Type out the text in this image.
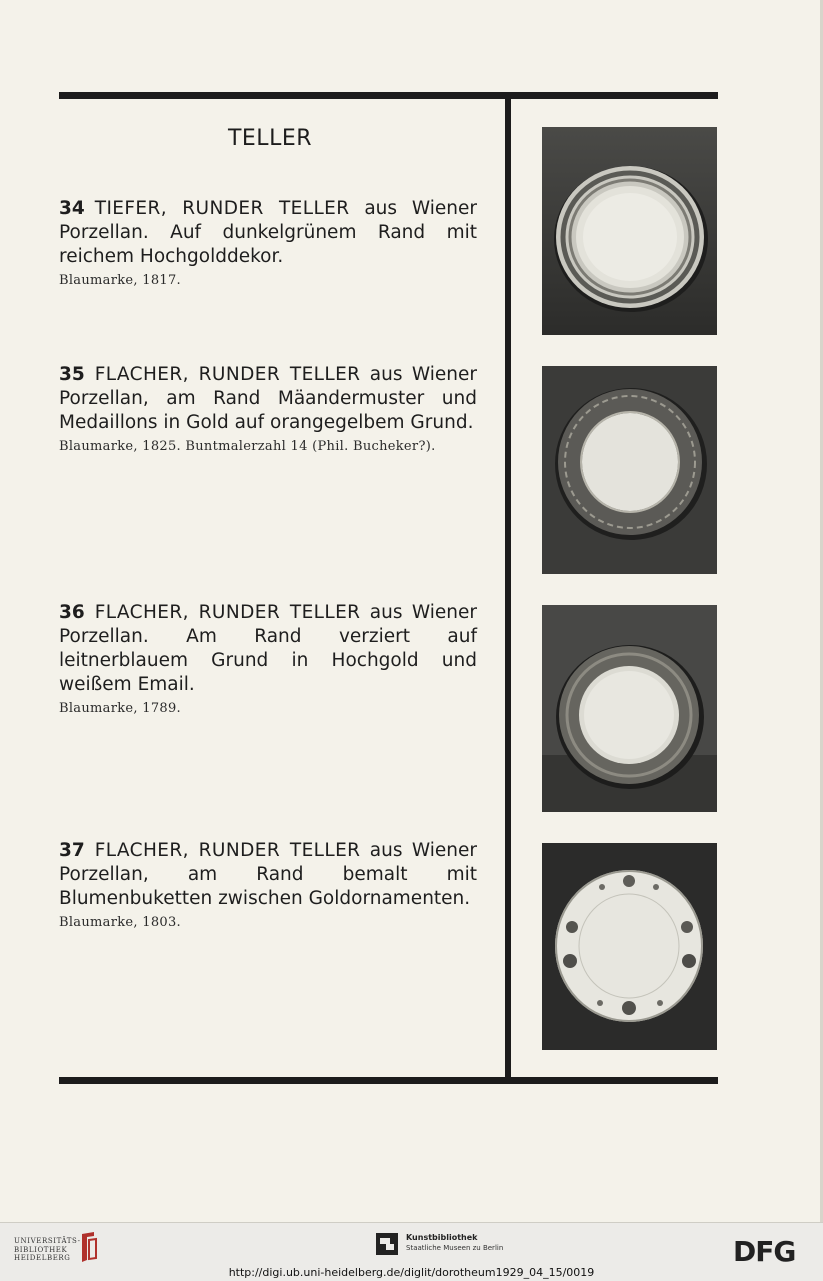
TELLER

34 TIEFER, RUNDER TELLER aus Wiener Porzellan. Auf dunkelgrünem Rand mit reichem Hochgolddekor.

Blaumarke, 1817.

35 FLACHER, RUNDER TELLER aus Wiener Porzellan, am Rand Mäandermuster und Medaillons in Gold auf orangegelbem Grund.

Blaumarke, 1825. Buntmalerzahl 14 (Phil. Bucheker?).

36 FLACHER, RUNDER TELLER aus Wiener Porzellan. Am Rand verziert auf leitnerblauem Grund in Hochgold und weißem Email.

Blaumarke, 1789.

37 FLACHER, RUNDER TELLER aus Wiener Porzellan, am Rand bemalt mit Blumenbuketten zwischen Goldornamenten.

Blaumarke, 1803.
UNIVERSITÄTS-
BIBLIOTHEK
HEIDELBERG
Kunstbibliothek
Staatliche Museen zu Berlin	DFG
http://digi.ub.uni-heidelberg.de/diglit/dorotheum1929_04_15/0019
